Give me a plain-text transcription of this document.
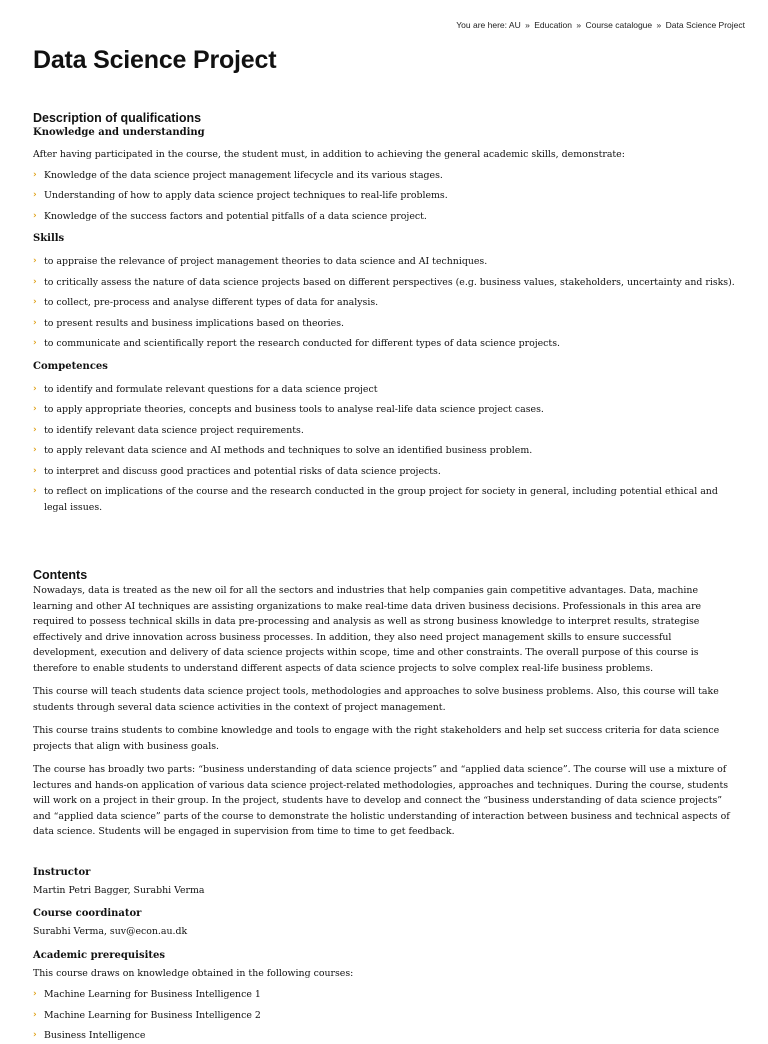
You are here: AU » Education » Course catalogue » Data Science Project
Data Science Project
Description of qualifications
Knowledge and understanding

After having participated in the course, the student must, in addition to achieving the general academic skills, demonstrate:

› Knowledge of the data science project management lifecycle and its various stages.
› Understanding of how to apply data science project techniques to real-life problems.
› Knowledge of the success factors and potential pitfalls of a data science project.
Skills
› to appraise the relevance of project management theories to data science and AI techniques.
› to critically assess the nature of data science projects based on different perspectives (e.g. business values, stakeholders, uncertainty and risks).
› to collect, pre-process and analyse different types of data for analysis.
› to present results and business implications based on theories.
› to communicate and scientifically report the research conducted for different types of data science projects.
Competences
› to identify and formulate relevant questions for a data science project
› to apply appropriate theories, concepts and business tools to analyse real-life data science project cases.
› to identify relevant data science project requirements.
› to apply relevant data science and AI methods and techniques to solve an identified business problem.
› to interpret and discuss good practices and potential risks of data science projects.
› to reflect on implications of the course and the research conducted in the group project for society in general, including potential ethical and legal issues.
Contents

Nowadays, data is treated as the new oil for all the sectors and industries that help companies gain competitive advantages. Data, machine learning and other AI techniques are assisting organizations to make real-time data driven business decisions. Professionals in this area are required to possess technical skills in data pre-processing and analysis as well as strong business knowledge to interpret results, strategise effectively and drive innovation across business processes. In addition, they also need project management skills to ensure successful development, execution and delivery of data science projects within scope, time and other constraints. The overall purpose of this course is therefore to enable students to understand different aspects of data science projects to solve complex real-life business problems.

This course will teach students data science project tools, methodologies and approaches to solve business problems. Also, this course will take students through several data science activities in the context of project management.

This course trains students to combine knowledge and tools to engage with the right stakeholders and help set success criteria for data science projects that align with business goals.

The course has broadly two parts: “business understanding of data science projects” and “applied data science”. The course will use a mixture of lectures and hands-on application of various data science project-related methodologies, approaches and techniques. During the course, students will work on a project in their group. In the project, students have to develop and connect the “business understanding of data science projects” and “applied data science” parts of the course to demonstrate the holistic understanding of interaction between business and technical aspects of data science. Students will be engaged in supervision from time to time to get feedback.

Instructor

Martin Petri Bagger, Surabhi Verma

Course coordinator

Surabhi Verma, suv@econ.au.dk

Academic prerequisites

This course draws on knowledge obtained in the following courses:

› Machine Learning for Business Intelligence 1
› Machine Learning for Business Intelligence 2
› Business Intelligence
